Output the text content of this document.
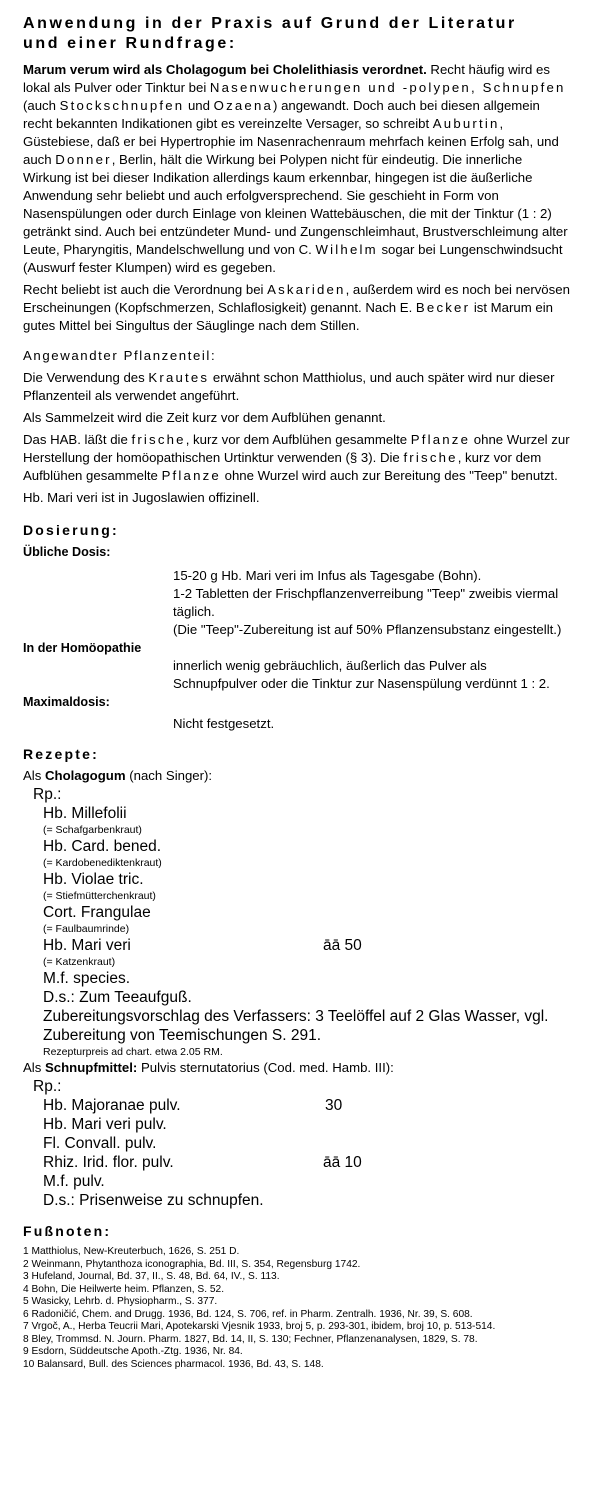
Anwendung in der Praxis auf Grund der Literatur
und einer Rundfrage:

Marum verum wird als Cholagogum bei Cholelithiasis verordnet. Recht häufig wird es lokal als Pulver oder Tinktur bei Nasenwucherungen und -polypen, Schnupfen (auch Stockschnupfen und Ozaena) angewandt. Doch auch bei diesen allgemein recht bekannten Indikationen gibt es vereinzelte Versager, so schreibt Auburtin, Güstebiese, daß er bei Hypertrophie im Nasenrachenraum mehrfach keinen Erfolg sah, und auch Donner, Berlin, hält die Wirkung bei Polypen nicht für eindeutig. Die innerliche Wirkung ist bei dieser Indikation allerdings kaum erkennbar, hingegen ist die äußerliche Anwendung sehr beliebt und auch erfolgversprechend. Sie geschieht in Form von Nasenspülungen oder durch Einlage von kleinen Wattebäuschen, die mit der Tinktur (1 : 2) getränkt sind. Auch bei entzündeter Mund- und Zungenschleimhaut, Brustverschleimung alter Leute, Pharyngitis, Mandelschwellung und von C. Wilhelm sogar bei Lungenschwindsucht (Auswurf fester Klumpen) wird es gegeben.

Recht beliebt ist auch die Verordnung bei Askariden, außerdem wird es noch bei nervösen Erscheinungen (Kopfschmerzen, Schlaflosigkeit) genannt. Nach E. Becker ist Marum ein gutes Mittel bei Singultus der Säuglinge nach dem Stillen.

Angewandter Pflanzenteil:

Die Verwendung des Krautes erwähnt schon Matthiolus, und auch später wird nur dieser Pflanzenteil als verwendet angeführt.

Als Sammelzeit wird die Zeit kurz vor dem Aufblühen genannt.

Das HAB. läßt die frische, kurz vor dem Aufblühen gesammelte Pflanze ohne Wurzel zur Herstellung der homöopathischen Urtinktur verwenden (§ 3). Die frische, kurz vor dem Aufblühen gesammelte Pflanze ohne Wurzel wird auch zur Bereitung des "Teep" benutzt.

Hb. Mari veri ist in Jugoslawien offizinell.

Dosierung:
Übliche Dosis:
15-20 g Hb. Mari veri im Infus als Tagesgabe (Bohn).
1-2 Tabletten der Frischpflanzenverreibung "Teep" zweibis viermal täglich.
(Die "Teep"-Zubereitung ist auf 50% Pflanzensubstanz eingestellt.)
In der Homöopathie
innerlich wenig gebräuchlich, äußerlich das Pulver als Schnupfpulver oder die Tinktur zur Nasenspülung verdünnt 1 : 2.
Maximaldosis:
Nicht festgesetzt.
Rezepte:

Als Cholagogum (nach Singer):

Rp.:
Hb. Millefolii
(= Schafgarbenkraut)
Hb. Card. bened.
(= Kardobenediktenkraut)
Hb. Violae tric.
(= Stiefmütterchenkraut)
Cort. Frangulae
(= Faulbaumrinde)
Hb. Mari veri	āā 50
(= Katzenkraut)
M.f. species.
D.s.: Zum Teeaufguß.
Zubereitungsvorschlag des Verfassers: 3 Teelöffel auf 2 Glas Wasser, vgl. Zubereitung von Teemischungen S. 291.
Rezepturpreis ad chart. etwa 2.05 RM.

Als Schnupfmittel: Pulvis sternutatorius (Cod. med. Hamb. III):

Rp.:
Hb. Majoranae pulv.	30
Hb. Mari veri pulv.
Fl. Convall. pulv.
Rhiz. Irid. flor. pulv.	āā 10
M.f. pulv.
D.s.: Prisenweise zu schnupfen.
Fußnoten:
1 Matthiolus, New-Kreuterbuch, 1626, S. 251 D.
2 Weinmann, Phytanthoza iconographia, Bd. III, S. 354, Regensburg 1742.
3 Hufeland, Journal, Bd. 37, II., S. 48, Bd. 64, IV., S. 113.
4 Bohn, Die Heilwerte heim. Pflanzen, S. 52.
5 Wasicky, Lehrb. d. Physiopharm., S. 377.
6 Radoničić, Chem. and Drugg. 1936, Bd. 124, S. 706, ref. in Pharm. Zentralh. 1936, Nr. 39, S. 608.
7 Vrgoč, A., Herba Teucrii Mari, Apotekarski Vjesnik 1933, broj 5, p. 293-301, ibidem, broj 10, p. 513-514.
8 Bley, Trommsd. N. Journ. Pharm. 1827, Bd. 14, II, S. 130; Fechner, Pflanzenanalysen, 1829, S. 78.
9 Esdorn, Süddeutsche Apoth.-Ztg. 1936, Nr. 84.
10 Balansard, Bull. des Sciences pharmacol. 1936, Bd. 43, S. 148.
